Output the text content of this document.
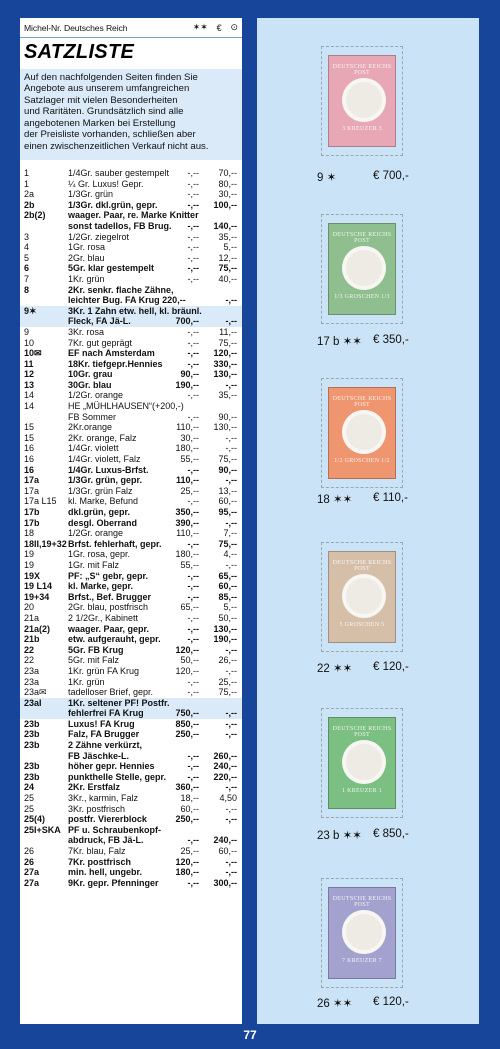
Michel-Nr. Deutsches Reich	✶✶ € ⊙
SATZLISTE
Auf den nachfolgenden Seiten finden Sie
Angebote aus unserem umfangreichen
Satzlager mit vielen Besonderheiten
und Raritäten. Grundsätzlich sind alle
angebotenen Marken bei Erstellung
der Preisliste vorhanden, schließen aber
einen zwischenzeitlichen Verkauf nicht aus.
1	1/4Gr. sauber gestempelt -,-- 70,--
1	¼ Gr. Luxus! Gepr.	-,-- 80,--
2a	1/3Gr. grün	-,-- 30,--
2b	1/3Gr. dkl.grün, gepr.	-,-- 100,--
2b(2)	waager. Paar, re. Marke Knitter
sonst tadellos, FB Brug. -,-- 140,--
3	1/2Gr. ziegelrot	-,-- 35,--
4	1Gr. rosa	-,--	5,--
5	2Gr. blau	-,-- 12,--
6	5Gr. klar gestempelt	-,-- 75,--
7	1Kr. grün	-,-- 40,--
8	2Kr. senkr. flache Zähne,
leichter Bug. FA Krug 220,--	-,--
9✶	3Kr. 1 Zahn etw. hell, kl. bräunl.
Fleck, FA Jä-L.	700,--	-,--
9	3Kr. rosa	-,-- 11,--
10	7Kr. gut geprägt	-,-- 75,--
10✉	EF nach Amsterdam	-,-- 120,--
11	18Kr. tiefgepr.Hennies	-,-- 330,--
12	10Gr. grau	90,-- 130,--
13	30Gr. blau	190,--	-,--
14	1/2Gr. orange	-,-- 35,--
14	HE „MÜHLHAUSEN“(+200,-)
FB Sommer	-,-- 90,--
15	2Kr.orange	110,-- 130,--
15	2Kr. orange, Falz	30,--	-,--
16	1/4Gr. violett	180,--	-,--
16	1/4Gr. violett, Falz	55,-- 75,--
16	1/4Gr. Luxus-Brfst.	-,-- 90,--
17a	1/3Gr. grün, gepr.	110,--	-,--
17a	1/3Gr. grün Falz	25,-- 13,--
17a L15	kl. Marke, Befund	-,-- 60,--
17b	dkl.grün, gepr.	350,-- 95,--
17b	desgl. Oberrand	390,--	-,--
18	1/2Gr. orange	110,--	7,--
18II,19+32 Brfst. fehlerhaft, gepr.	-,-- 75,--
19	1Gr. rosa, gepr.	180,--	4,--
19	1Gr. mit Falz	55,--	-,--
19X	PF: „S“ gebr, gepr.	-,-- 65,--
19 L14	kl. Marke, gepr.	-,-- 60,--
19+34	Brfst., Bef. Brugger	-,-- 85,--
20	2Gr. blau, postfrisch	65,--	5,--
21a	2 1/2Gr., Kabinett	-,-- 50,--
21a(2)	waager. Paar, gepr.	-,-- 130,--
21b	etw. aufgerauht, gepr.	-,-- 190,--
22	5Gr. FB Krug	120,--	-,--
22	5Gr. mit Falz	50,-- 26,--
23a	1Kr. grün FA Krug	120,--	-,--
23a	1Kr. grün	-,-- 25,--
23a✉	tadelloser Brief, gepr.	-,-- 75,--
23aI	1Kr. seltener PF! Postfr.
fehlerfrei FA Krug	750,--	-,--
23b	Luxus! FA Krug	850,--	-,--
23b	Falz, FA Brugger	250,--	-,--
23b	2 Zähne verkürzt,
FB Jäschke-L.	-,-- 260,--
23b	höher gepr. Hennies	-,-- 240,--
23b	punkthelle Stelle, gepr. -,-- 220,--
24	2Kr. Erstfalz	360,--	-,--
25	3Kr., karmin, Falz	18,-- 4,50
25	3Kr. postfrisch	60,--	-,--
25(4)	postfr. Viererblock	250,--	-,--
25I+SKA PF u. Schraubenkopf-
abdruck, FB Jä-L.	-,-- 240,--
26	7Kr. blau, Falz	25,-- 60,--
26	7Kr. postfrisch	120,--	-,--
27a	min. hell, ungebr.	180,--	-,--
27a	9Kr. gepr. Pfenninger	-,-- 300,--
DEUTSCHE REICHS POST
3 KREUZER 3
9 ✶	€ 700,-
DEUTSCHE REICHS POST
1/3 GROSCHEN 1/3
17 b ✶✶ € 350,-
DEUTSCHE REICHS POST
1/2 GROSCHEN 1/2
18 ✶✶ € 110,-
DEUTSCHE REICHS POST
5 GROSCHEN 5
22 ✶✶ € 120,-
DEUTSCHE REICHS POST
1 KREUZER 1
23 b ✶✶ € 850,-
DEUTSCHE REICHS POST
7 KREUZER 7
26 ✶✶ € 120,-
77
